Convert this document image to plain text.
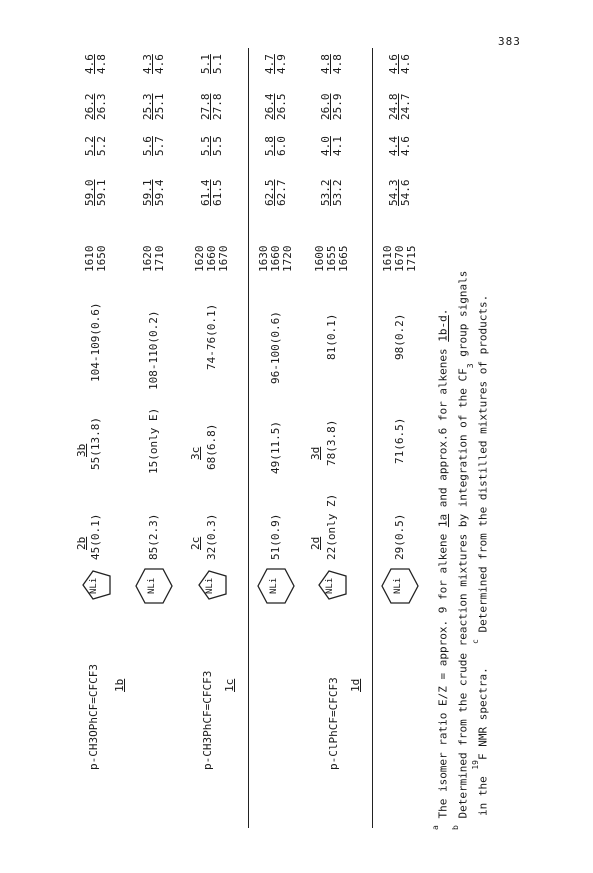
383
p-CH3OPhCF=CFCF3 1b
NLi
2b
3b
45(0.1)
55(13.8)
104-109(0.6)
1610 1650
59.0 59.1
5.2 5.2
26.2 26.3
4.6 4.8
NLi
85(2.3)
15(only E)
108-110(0.2)
1620 1710
59.1 59.4
5.6 5.7
25.3 25.1
4.3 4.6
p-CH3PhCF=CFCF3 1c
NLi
2c
3c
32(0.3)
68(6.8)
74-76(0.1)
1620 1660 1670
61.4 61.5
5.5 5.5
27.8 27.8
5.1 5.1
NLi
51(0.9)
49(11.5)
96-100(0.6)
1630 1660 1720
62.5 62.7
5.8 6.0
26.4 26.5
4.7 4.9
p-ClPhCF=CFCF3 1d
NLi
2d
3d
22(only Z)
78(3.8)
81(0.1)
1600 1655 1665
53.2 53.2
4.0 4.1
26.0 25.9
4.8 4.8
NLi
29(0.5)
71(6.5)
98(0.2)
1610 1670 1715
54.3 54.6
4.4 4.6
24.8 24.7
4.6 4.6
$^a$ The isomer ratio E/Z = approx. 9 for alkene 1a and approx.6 for alkenes 1b-d.
$^b$ Determined from the crude reaction mixtures by integration of the $CF_3$ group signals
in the $^{19}$F NMR spectra.
$^c$ Determined from the distilled mixtures of products.
